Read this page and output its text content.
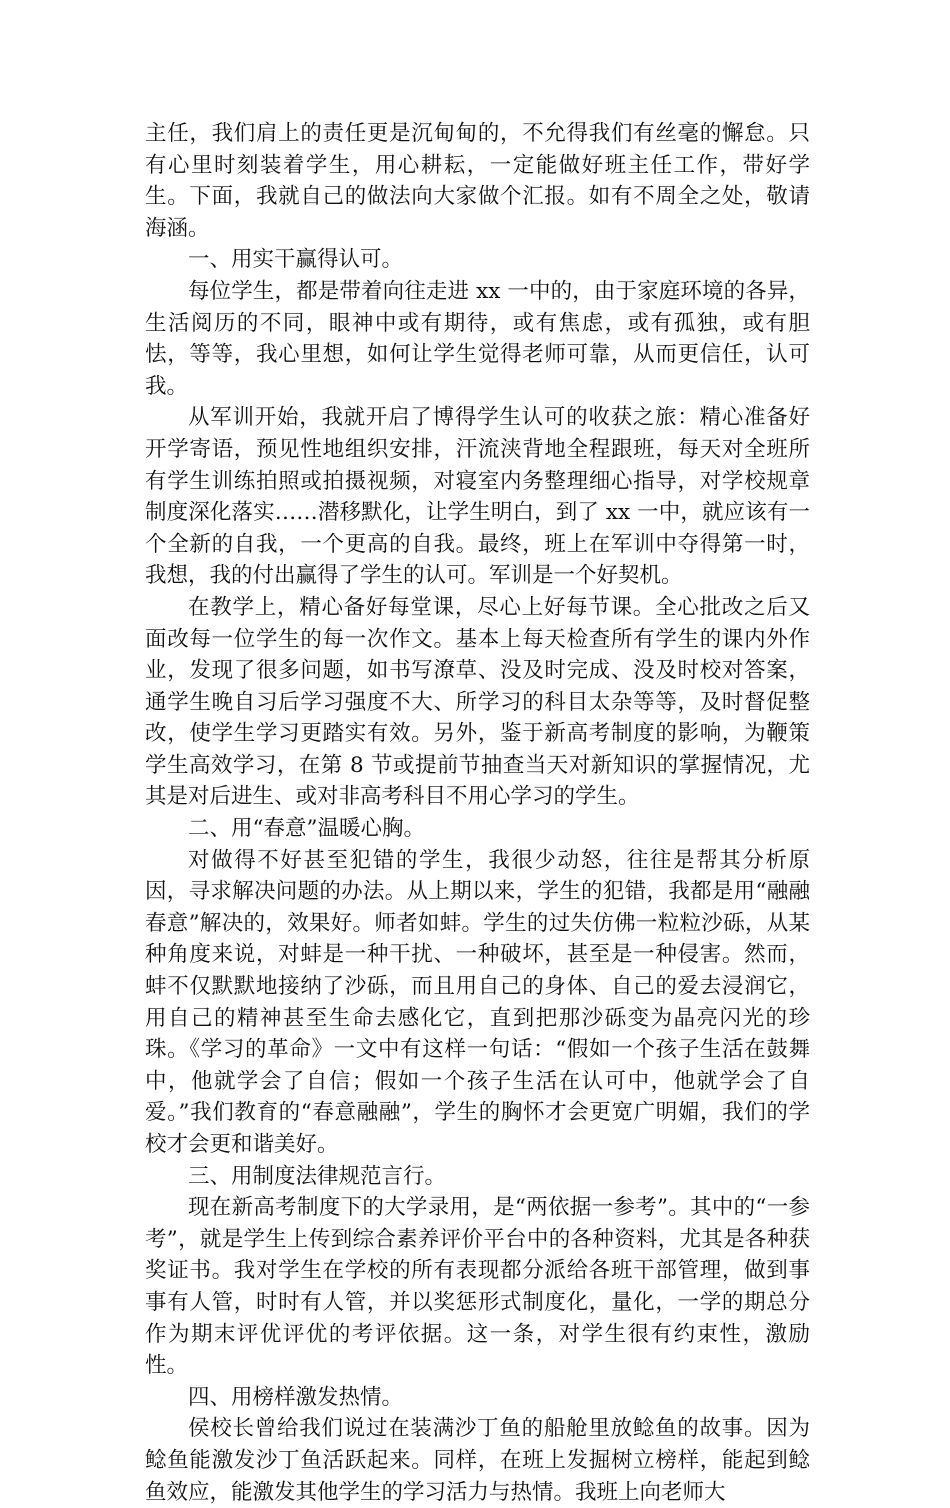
主任，我们肩上的责任更是沉甸甸的，不允得我们有丝毫的懈怠。只有心里时刻装着学生，用心耕耘，一定能做好班主任工作，带好学生。下面，我就自己的做法向大家做个汇报。如有不周全之处，敬请海涵。

一、用实干赢得认可。

每位学生，都是带着向往走进 xx 一中的，由于家庭环境的各异，生活阅历的不同，眼神中或有期待，或有焦虑，或有孤独，或有胆怯，等等，我心里想，如何让学生觉得老师可靠，从而更信任，认可我。

从军训开始，我就开启了博得学生认可的收获之旅：精心准备好开学寄语，预见性地组织安排，汗流浃背地全程跟班，每天对全班所有学生训练拍照或拍摄视频，对寝室内务整理细心指导，对学校规章制度深化落实……潜移默化，让学生明白，到了 xx 一中，就应该有一个全新的自我，一个更高的自我。最终，班上在军训中夺得第一时，我想，我的付出赢得了学生的认可。军训是一个好契机。

在教学上，精心备好每堂课，尽心上好每节课。全心批改之后又面改每一位学生的每一次作文。基本上每天检查所有学生的课内外作业，发现了很多问题，如书写潦草、没及时完成、没及时校对答案，通学生晚自习后学习强度不大、所学习的科目太杂等等，及时督促整改，使学生学习更踏实有效。另外，鉴于新高考制度的影响，为鞭策学生高效学习，在第 8 节或提前节抽查当天对新知识的掌握情况，尤其是对后进生、或对非高考科目不用心学习的学生。

二、用“春意”温暖心胸。

对做得不好甚至犯错的学生，我很少动怒，往往是帮其分析原因，寻求解决问题的办法。从上期以来，学生的犯错，我都是用“融融春意”解决的，效果好。师者如蚌。学生的过失仿佛一粒粒沙砾，从某种角度来说，对蚌是一种干扰、一种破坏，甚至是一种侵害。然而，蚌不仅默默地接纳了沙砾，而且用自己的身体、自己的爱去浸润它，用自己的精神甚至生命去感化它，直到把那沙砾变为晶亮闪光的珍珠。《学习的革命》一文中有这样一句话：“假如一个孩子生活在鼓舞中，他就学会了自信；假如一个孩子生活在认可中，他就学会了自爱。”我们教育的“春意融融”，学生的胸怀才会更宽广明媚，我们的学校才会更和谐美好。

三、用制度法律规范言行。

现在新高考制度下的大学录用，是“两依据一参考”。其中的“一参考”，就是学生上传到综合素养评价平台中的各种资料，尤其是各种获奖证书。我对学生在学校的所有表现都分派给各班干部管理，做到事事有人管，时时有人管，并以奖惩形式制度化，量化，一学的期总分作为期末评优评优的考评依据。这一条，对学生很有约束性，激励性。

四、用榜样激发热情。

侯校长曾给我们说过在装满沙丁鱼的船舱里放鲶鱼的故事。因为鲶鱼能激发沙丁鱼活跃起来。同样，在班上发掘树立榜样，能起到鲶鱼效应，能激发其他学生的学习活力与热情。我班上向老师大
